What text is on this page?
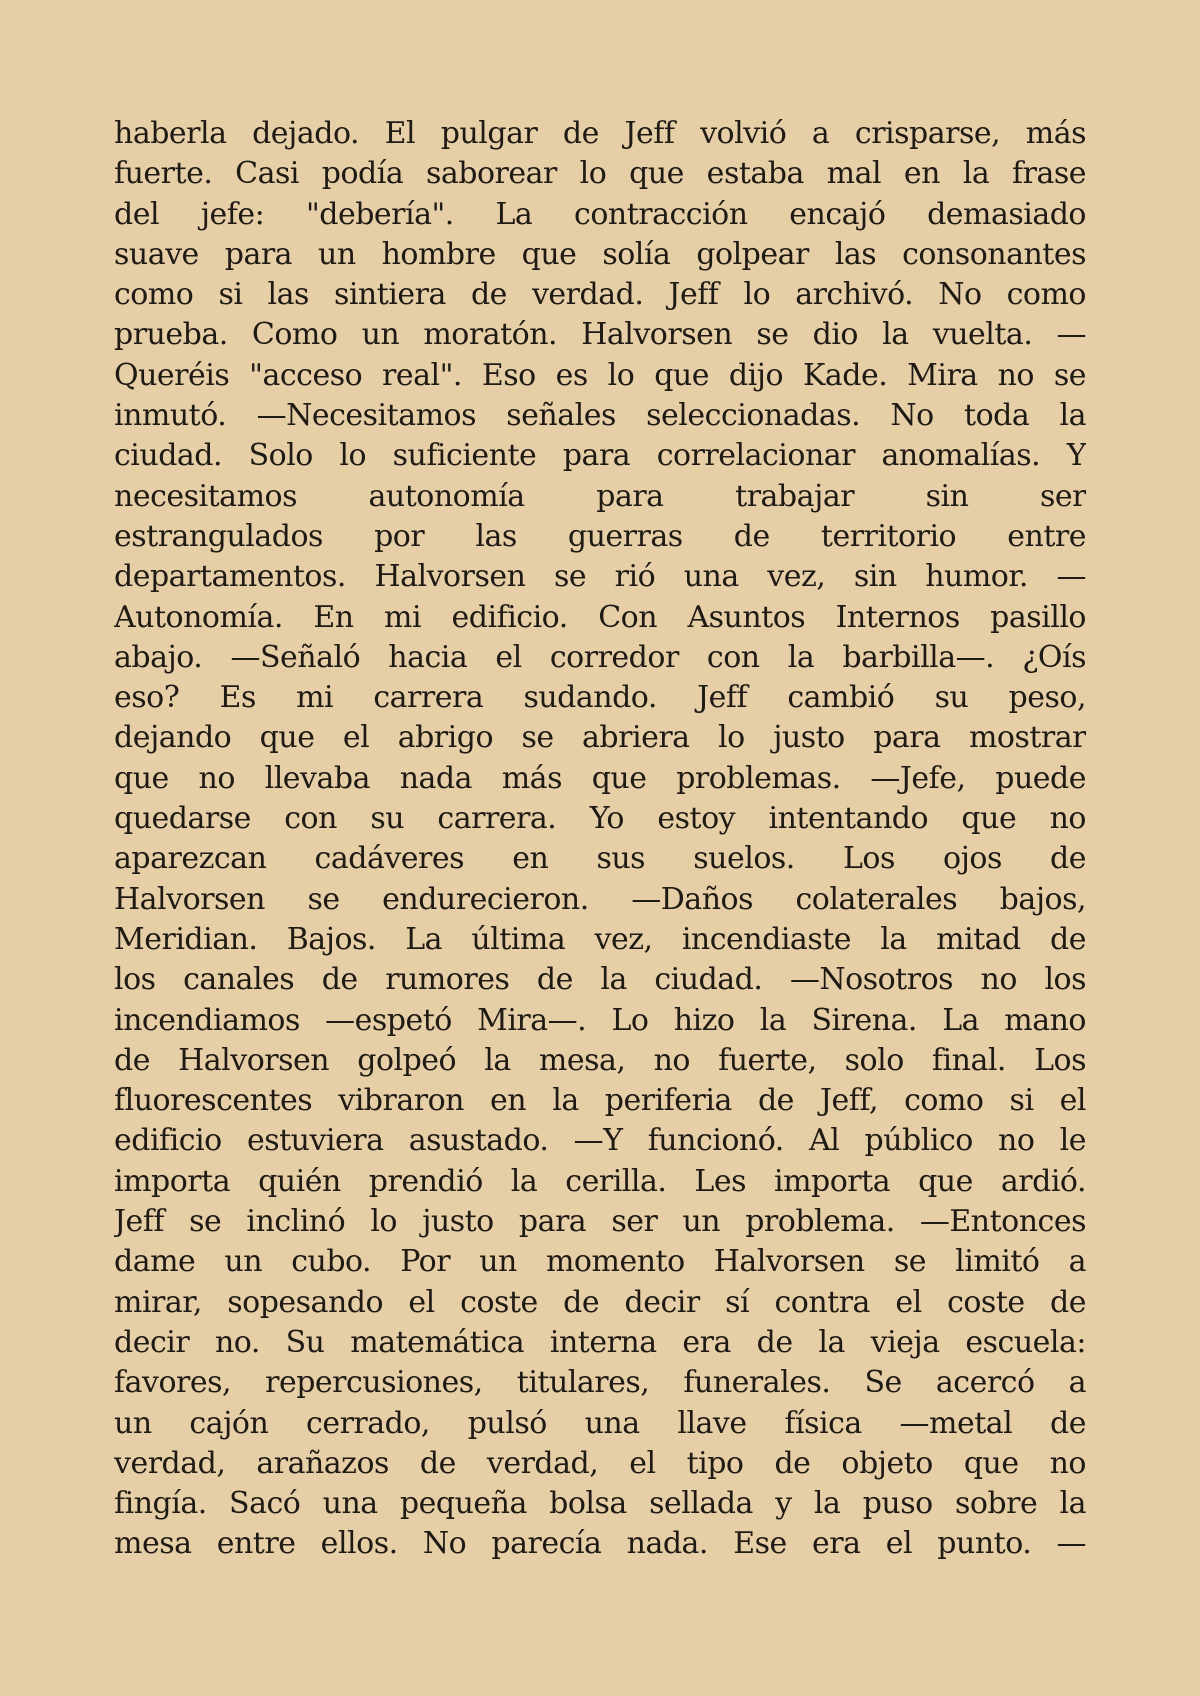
haberla dejado. El pulgar de Jeff volvió a crisparse, más
fuerte. Casi podía saborear lo que estaba mal en la frase
del jefe: "debería". La contracción encajó demasiado
suave para un hombre que solía golpear las consonantes
como si las sintiera de verdad. Jeff lo archivó. No como
prueba. Como un moratón. Halvorsen se dio la vuelta. —
Queréis "acceso real". Eso es lo que dijo Kade. Mira no se
inmutó. —Necesitamos señales seleccionadas. No toda la
ciudad. Solo lo suficiente para correlacionar anomalías. Y
necesitamos autonomía para trabajar sin ser
estrangulados por las guerras de territorio entre
departamentos. Halvorsen se rió una vez, sin humor. —
Autonomía. En mi edificio. Con Asuntos Internos pasillo
abajo. —Señaló hacia el corredor con la barbilla—. ¿Oís
eso? Es mi carrera sudando. Jeff cambió su peso,
dejando que el abrigo se abriera lo justo para mostrar
que no llevaba nada más que problemas. —Jefe, puede
quedarse con su carrera. Yo estoy intentando que no
aparezcan cadáveres en sus suelos. Los ojos de
Halvorsen se endurecieron. —Daños colaterales bajos,
Meridian. Bajos. La última vez, incendiaste la mitad de
los canales de rumores de la ciudad. —Nosotros no los
incendiamos —espetó Mira—. Lo hizo la Sirena. La mano
de Halvorsen golpeó la mesa, no fuerte, solo final. Los
fluorescentes vibraron en la periferia de Jeff, como si el
edificio estuviera asustado. —Y funcionó. Al público no le
importa quién prendió la cerilla. Les importa que ardió.
Jeff se inclinó lo justo para ser un problema. —Entonces
dame un cubo. Por un momento Halvorsen se limitó a
mirar, sopesando el coste de decir sí contra el coste de
decir no. Su matemática interna era de la vieja escuela:
favores, repercusiones, titulares, funerales. Se acercó a
un cajón cerrado, pulsó una llave física —metal de
verdad, arañazos de verdad, el tipo de objeto que no
fingía. Sacó una pequeña bolsa sellada y la puso sobre la
mesa entre ellos. No parecía nada. Ese era el punto. —
